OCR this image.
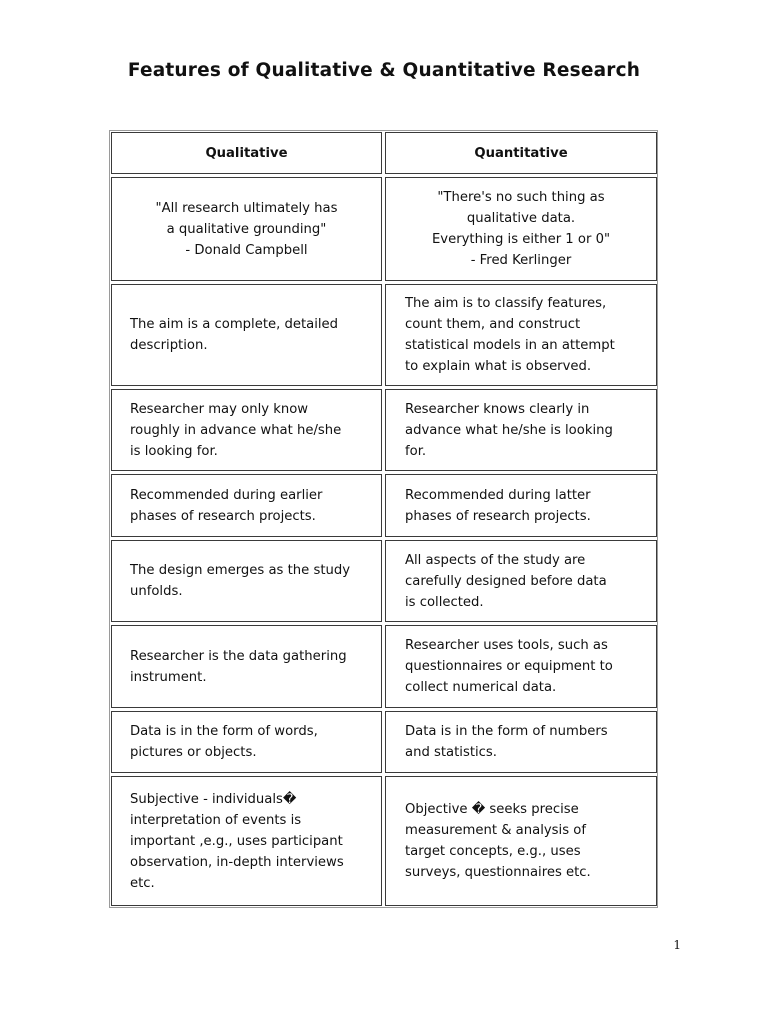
Features of Qualitative & Quantitative Research
Qualitative	Quantitative
"All research ultimately has
a qualitative grounding"
- Donald Campbell
"There's no such thing as
qualitative data.
Everything is either 1 or 0"
- Fred Kerlinger
The aim is a complete, detailed
description.
The aim is to classify features,
count them, and construct
statistical models in an attempt
to explain what is observed.
Researcher may only know
roughly in advance what he/she
is looking for.
Researcher knows clearly in
advance what he/she is looking
for.
Recommended during earlier
phases of research projects.
Recommended during latter
phases of research projects.
The design emerges as the study
unfolds.
All aspects of the study are
carefully designed before data
is collected.
Researcher is the data gathering
instrument.
Researcher uses tools, such as
questionnaires or equipment to
collect numerical data.
Data is in the form of words,
pictures or objects.
Data is in the form of numbers
and statistics.
Subjective - individuals�
interpretation of events is
important ,e.g., uses participant
observation, in-depth interviews
etc.
Objective � seeks precise
measurement & analysis of
target concepts, e.g., uses
surveys, questionnaires etc.
1
